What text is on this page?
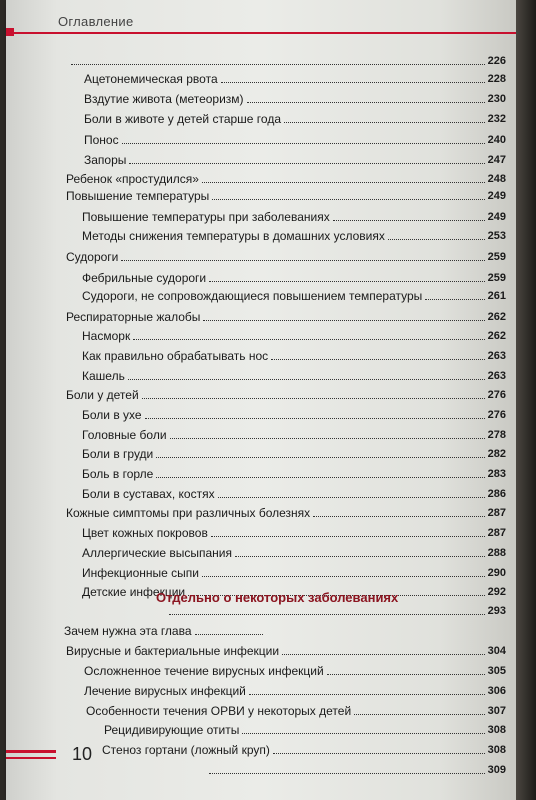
Оглавление
226
Ацетонемическая рвота	228
Вздутие живота (метеоризм)	230
Боли в животе у детей старше года	232
Понос	240
Запоры	247
Ребенок «простудился»	248
Повышение температуры	249
Повышение температуры при заболеваниях	249
Методы снижения температуры в домашних условиях	253
Судороги	259
Фебрильные судороги	259
Судороги, не сопровождающиеся повышением температуры	261
Респираторные жалобы	262
Насморк	262
Как правильно обрабатывать нос	263
Кашель	263
Боли у детей	276
Боли в ухе	276
Головные боли	278
Боли в груди	282
Боль в горле	283
Боли в суставах, костях	286
Кожные симптомы при различных болезнях	287
Цвет кожных покровов	287
Аллергические высыпания	288
Инфекционные сыпи	290
Детские инфекции	292
293
Зачем нужна эта глава
Вирусные и бактериальные инфекции	304
Осложненное течение вирусных инфекций	305
Лечение вирусных инфекций	306
Особенности течения ОРВИ у некоторых детей	307
Рецидивирующие отиты	308
Стеноз гортани (ложный круп)	308
309
Отдельно о некоторых заболеваниях
10
